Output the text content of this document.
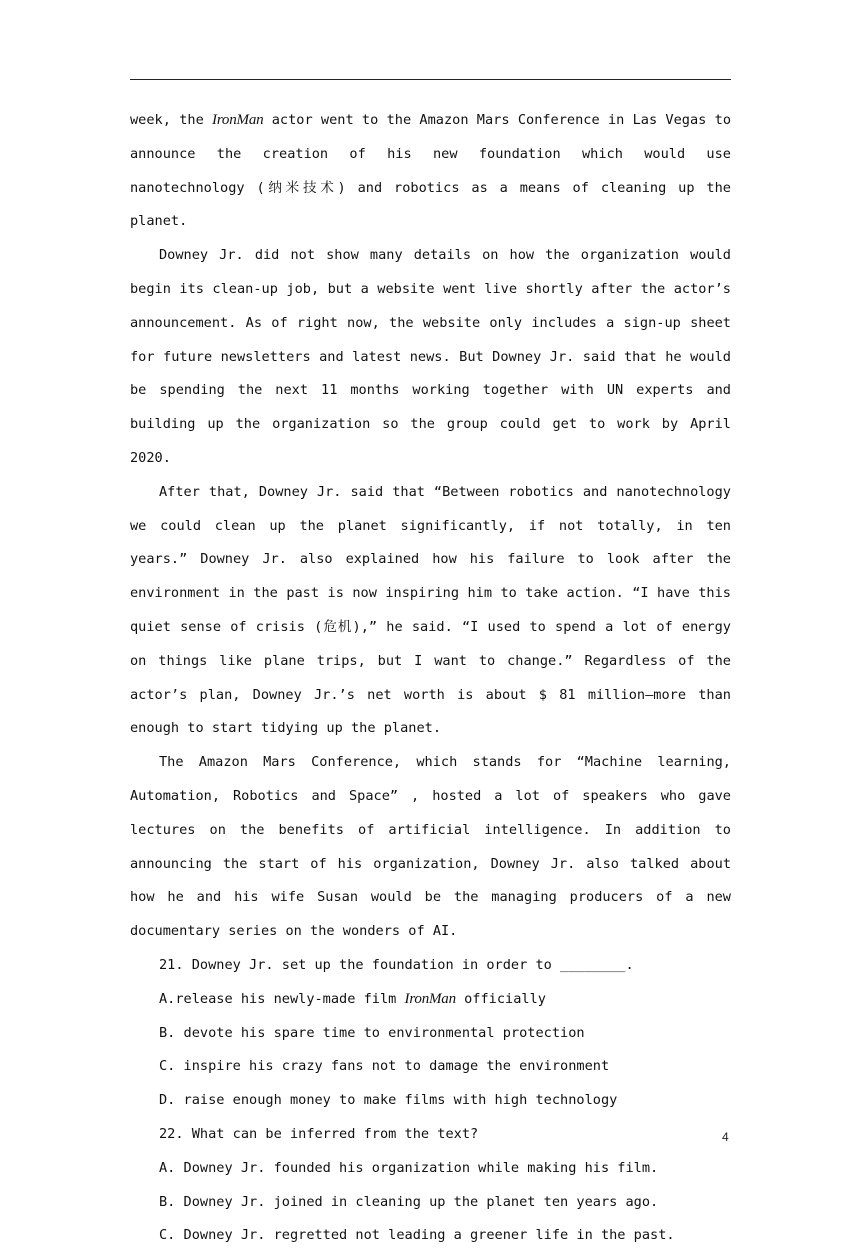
week, the IronMan actor went to the Amazon Mars Conference in Las Vegas to announce the creation of his new foundation which would use nanotechnology (纳米技术) and robotics as a means of cleaning up the planet.

Downey Jr. did not show many details on how the organization would begin its clean-up job, but a website went live shortly after the actor’s announcement. As of right now, the website only includes a sign-up sheet for future newsletters and latest news. But Downey Jr. said that he would be spending the next 11 months working together with UN experts and building up the organization so the group could get to work by April 2020.

After that, Downey Jr. said that “Between robotics and nanotechnology we could clean up the planet significantly, if not totally, in ten years.” Downey Jr. also explained how his failure to look after the environment in the past is now inspiring him to take action. “I have this quiet sense of crisis (危机),” he said. “I used to spend a lot of energy on things like plane trips, but I want to change.” Regardless of the actor’s plan, Downey Jr.’s net worth is about $ 81 million—more than enough to start tidying up the planet.

The Amazon Mars Conference, which stands for “Machine learning, Automation, Robotics and Space” , hosted a lot of speakers who gave lectures on the benefits of artificial intelligence. In addition to announcing the start of his organization, Downey Jr. also talked about how he and his wife Susan would be the managing producers of a new documentary series on the wonders of AI.

21. Downey Jr. set up the foundation in order to ________.

A.release his newly-made film IronMan officially

B. devote his spare time to environmental protection

C. inspire his crazy fans not to damage the environment

D. raise enough money to make films with high technology

22. What can be inferred from the text?

A. Downey Jr. founded his organization while making his film.

B. Downey Jr. joined in cleaning up the planet ten years ago.

C. Downey Jr. regretted not leading a greener life in the past.

4
